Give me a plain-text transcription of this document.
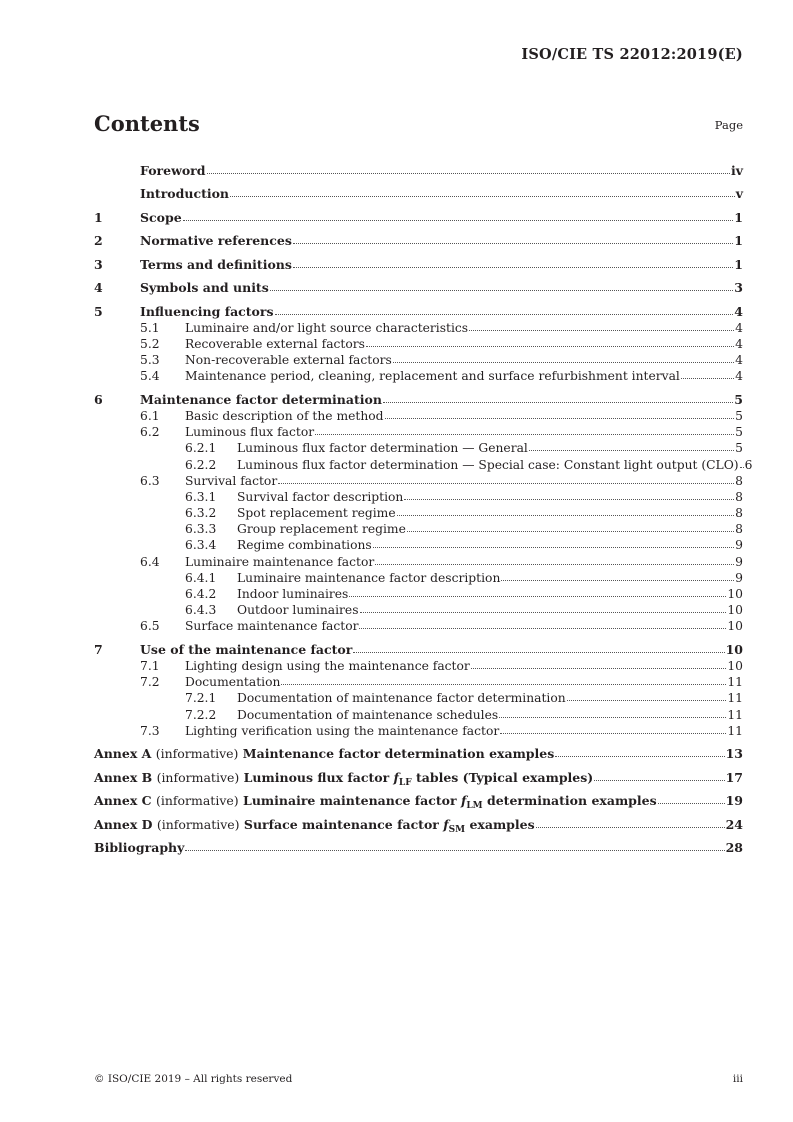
ISO/CIE TS 22012:2019(E)
Contents	Page
Foreword	iv
Introduction	v
1	Scope	1
2	Normative references	1
3	Terms and definitions	1
4	Symbols and units	3
5	Influencing factors	4
5.1	Luminaire and/or light source characteristics	4
5.2	Recoverable external factors	4
5.3	Non-recoverable external factors	4
5.4	Maintenance period, cleaning, replacement and surface refurbishment interval	4
6	Maintenance factor determination	5
6.1	Basic description of the method	5
6.2	Luminous flux factor	5
6.2.1	Luminous flux factor determination — General	5
6.2.2	Luminous flux factor determination — Special case: Constant light output (CLO) 6
6.3	Survival factor	8
6.3.1	Survival factor description	8
6.3.2	Spot replacement regime	8
6.3.3	Group replacement regime	8
6.3.4	Regime combinations	9
6.4	Luminaire maintenance factor	9
6.4.1	Luminaire maintenance factor description	9
6.4.2	Indoor luminaires	10
6.4.3	Outdoor luminaires	10
6.5	Surface maintenance factor	10
7	Use of the maintenance factor	10
7.1	Lighting design using the maintenance factor	10
7.2	Documentation	11
7.2.1	Documentation of maintenance factor determination	11
7.2.2	Documentation of maintenance schedules	11
7.3	Lighting verification using the maintenance factor	11
Annex A (informative) Maintenance factor determination examples	13
Annex B (informative) Luminous flux factor $f_{LF}$ tables (Typical examples)	17
Annex C (informative) Luminaire maintenance factor $f_{LM}$ determination examples	19
Annex D (informative) Surface maintenance factor $f_{SM}$ examples	24
Bibliography	28
© ISO/CIE 2019 – All rights reserved	iii
